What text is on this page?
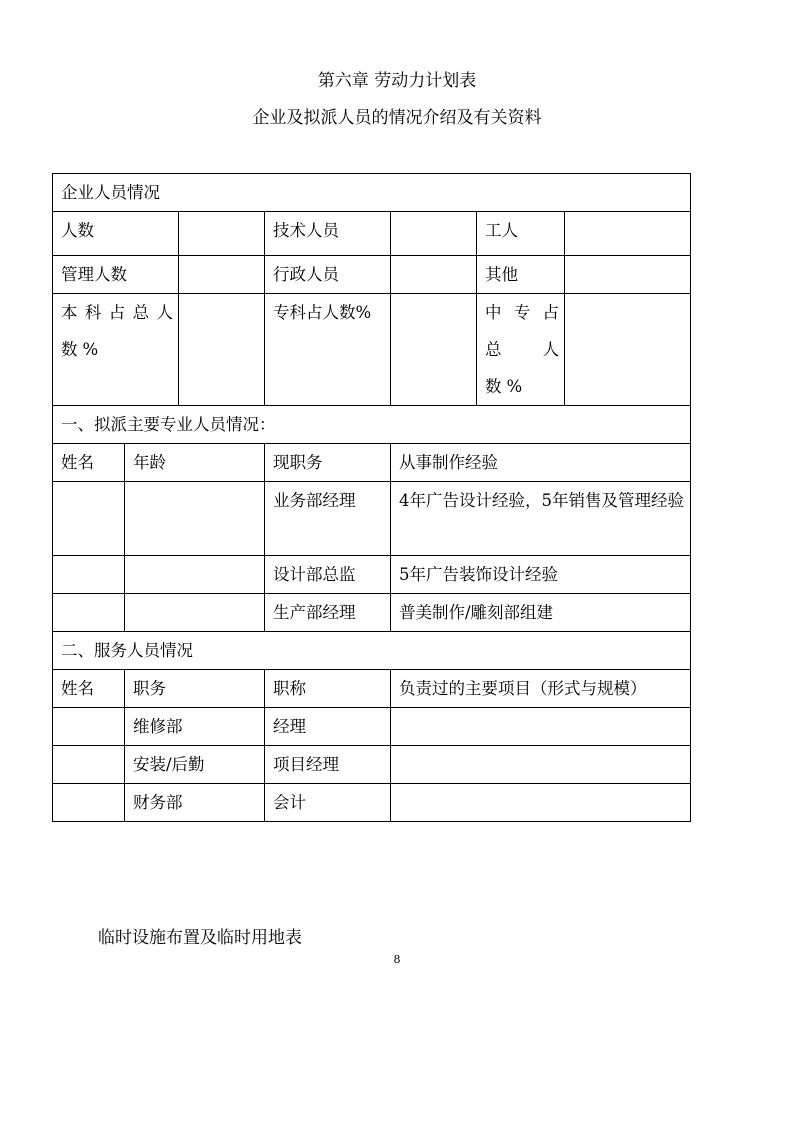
第六章 劳动力计划表
企业及拟派人员的情况介绍及有关资料
企业人员情况						
人数			技术人员		工人	
管理人数			行政人员		其他	
本科占总人数%			专科占人数%		中专占总人数%	
一、拟派主要专业人员情况：						
姓名	年龄		现职务	从事制作经验		
			业务部经理	4年广告设计经验，5年销售及管理经验		
			设计部总监	5年广告装饰设计经验		
			生产部经理	普美制作/雕刻部组建		
二、服务人员情况						
姓名	职务		职称	负责过的主要项目（形式与规模）		
	维修部		经理			
	安装/后勤		项目经理			
	财务部		会计			
临时设施布置及临时用地表
8
